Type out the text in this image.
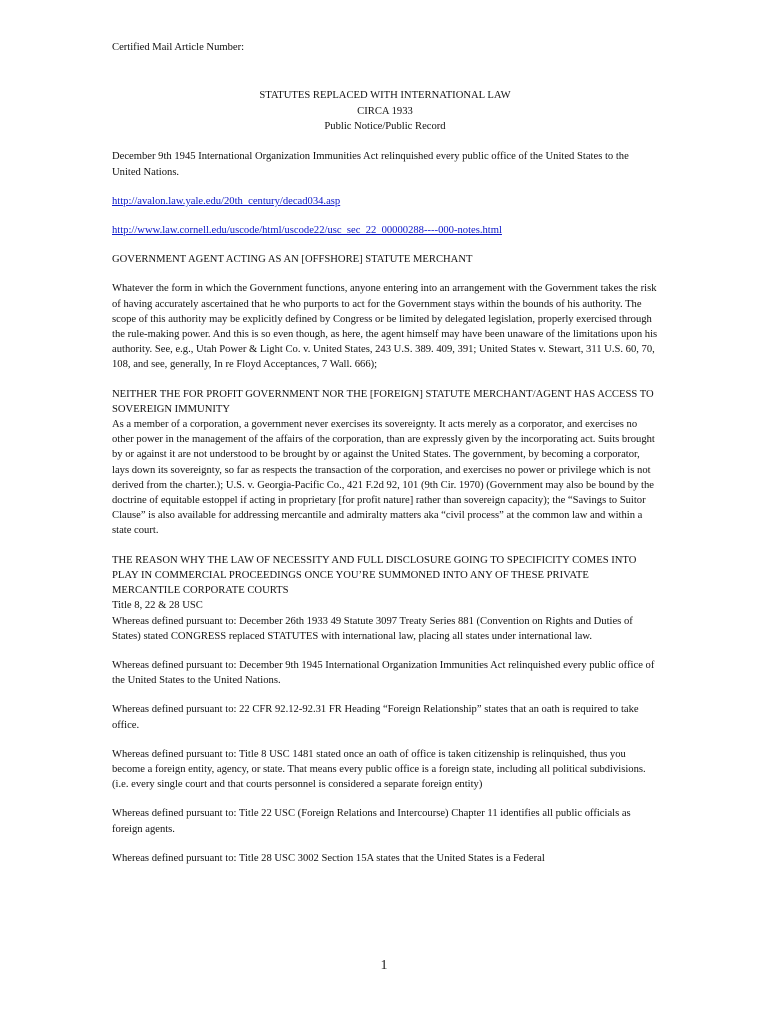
Certified Mail Article Number:
STATUTES REPLACED WITH INTERNATIONAL LAW
CIRCA 1933
Public Notice/Public Record
December 9th 1945 International Organization Immunities Act relinquished every public office of the United States to the United Nations.
http://avalon.law.yale.edu/20th_century/decad034.asp
http://www.law.cornell.edu/uscode/html/uscode22/usc_sec_22_00000288----000-notes.html
GOVERNMENT AGENT ACTING AS AN [OFFSHORE] STATUTE MERCHANT
Whatever the form in which the Government functions, anyone entering into an arrangement with the Government takes the risk of having accurately ascertained that he who purports to act for the Government stays within the bounds of his authority. The scope of this authority may be explicitly defined by Congress or be limited by delegated legislation, properly exercised through the rule-making power. And this is so even though, as here, the agent himself may have been unaware of the limitations upon his authority. See, e.g., Utah Power & Light Co. v. United States, 243 U.S. 389. 409, 391; United States v. Stewart, 311 U.S. 60, 70, 108, and see, generally, In re Floyd Acceptances, 7 Wall. 666);
NEITHER THE FOR PROFIT GOVERNMENT NOR THE [FOREIGN] STATUTE MERCHANT/AGENT HAS ACCESS TO SOVEREIGN IMMUNITY
As a member of a corporation, a government never exercises its sovereignty. It acts merely as a corporator, and exercises no other power in the management of the affairs of the corporation, than are expressly given by the incorporating act. Suits brought by or against it are not understood to be brought by or against the United States. The government, by becoming a corporator, lays down its sovereignty, so far as respects the transaction of the corporation, and exercises no power or privilege which is not derived from the charter.); U.S. v. Georgia-Pacific Co., 421 F.2d 92, 101 (9th Cir. 1970) (Government may also be bound by the doctrine of equitable estoppel if acting in proprietary [for profit nature] rather than sovereign capacity); the “Savings to Suitor Clause” is also available for addressing mercantile and admiralty matters aka “civil process” at the common law and within a state court.
THE REASON WHY THE LAW OF NECESSITY AND FULL DISCLOSURE GOING TO SPECIFICITY COMES INTO PLAY IN COMMERCIAL PROCEEDINGS ONCE YOU’RE SUMMONED INTO ANY OF THESE PRIVATE MERCANTILE CORPORATE COURTS
Title 8, 22 & 28 USC
Whereas defined pursuant to: December 26th 1933 49 Statute 3097 Treaty Series 881 (Convention on Rights and Duties of States) stated CONGRESS replaced STATUTES with international law, placing all states under international law.
Whereas defined pursuant to: December 9th 1945 International Organization Immunities Act relinquished every public office of the United States to the United Nations.
Whereas defined pursuant to: 22 CFR 92.12-92.31 FR Heading “Foreign Relationship” states that an oath is required to take office.
Whereas defined pursuant to: Title 8 USC 1481 stated once an oath of office is taken citizenship is relinquished, thus you become a foreign entity, agency, or state. That means every public office is a foreign state, including all political subdivisions. (i.e. every single court and that courts personnel is considered a separate foreign entity)
Whereas defined pursuant to: Title 22 USC (Foreign Relations and Intercourse) Chapter 11 identifies all public officials as foreign agents.
Whereas defined pursuant to: Title 28 USC 3002 Section 15A states that the United States is a Federal
1
